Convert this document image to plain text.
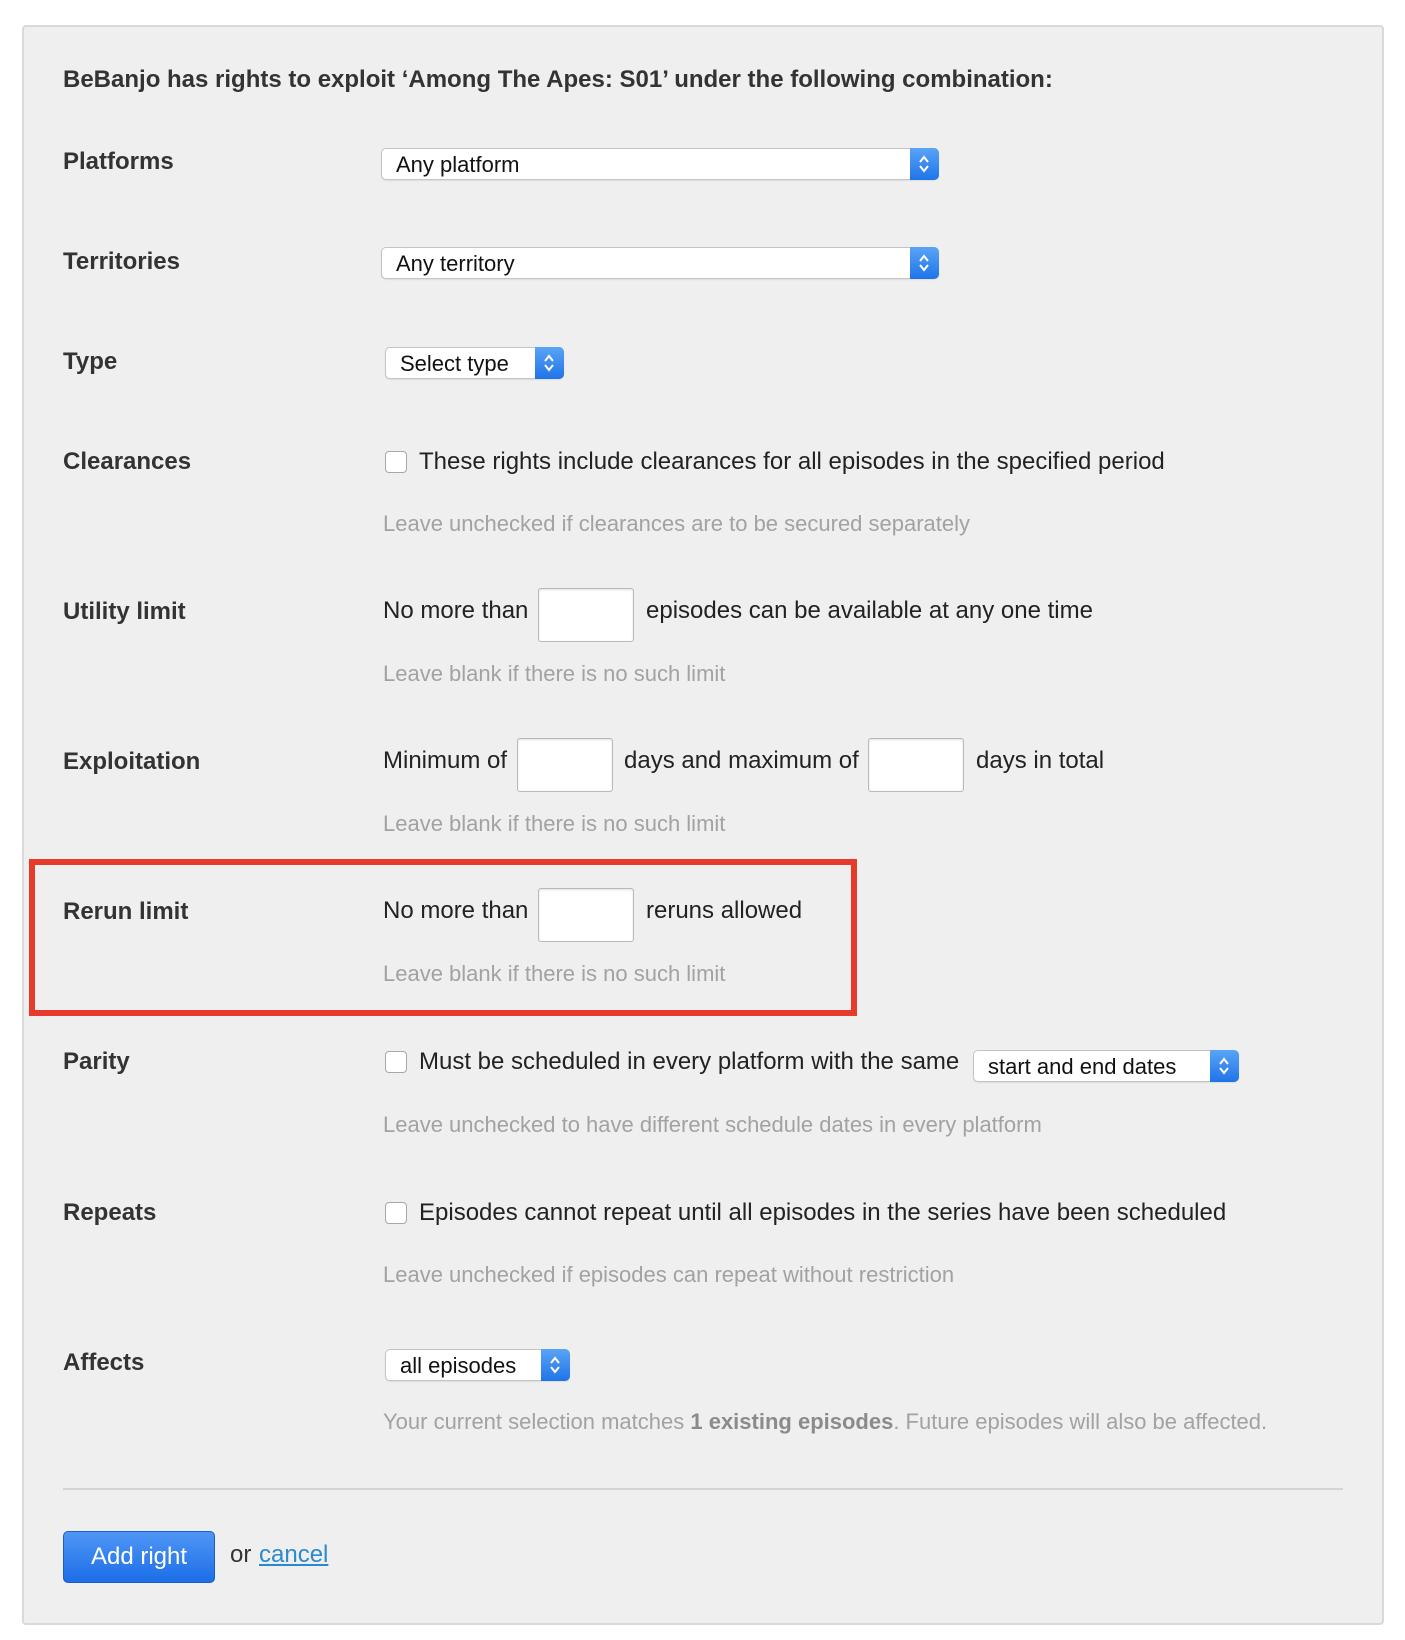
BeBanjo has rights to exploit ‘Among The Apes: S01’ under the following combination:
Platforms	Any platform
Territories	Any territory
Type	Select type
Clearances	These rights include clearances for all episodes in the specified period
Leave unchecked if clearances are to be secured separately
Utility limit	No more than	episodes can be available at any one time
Leave blank if there is no such limit
Exploitation	Minimum of	days and maximum of	days in total
Leave blank if there is no such limit
Rerun limit	No more than	reruns allowed
Leave blank if there is no such limit
Parity	Must be scheduled in every platform with the same start and end dates
Leave unchecked to have different schedule dates in every platform
Repeats	Episodes cannot repeat until all episodes in the series have been scheduled
Leave unchecked if episodes can repeat without restriction
Affects	all episodes
Your current selection matches 1 existing episodes. Future episodes will also be affected.
Add right	or cancel
